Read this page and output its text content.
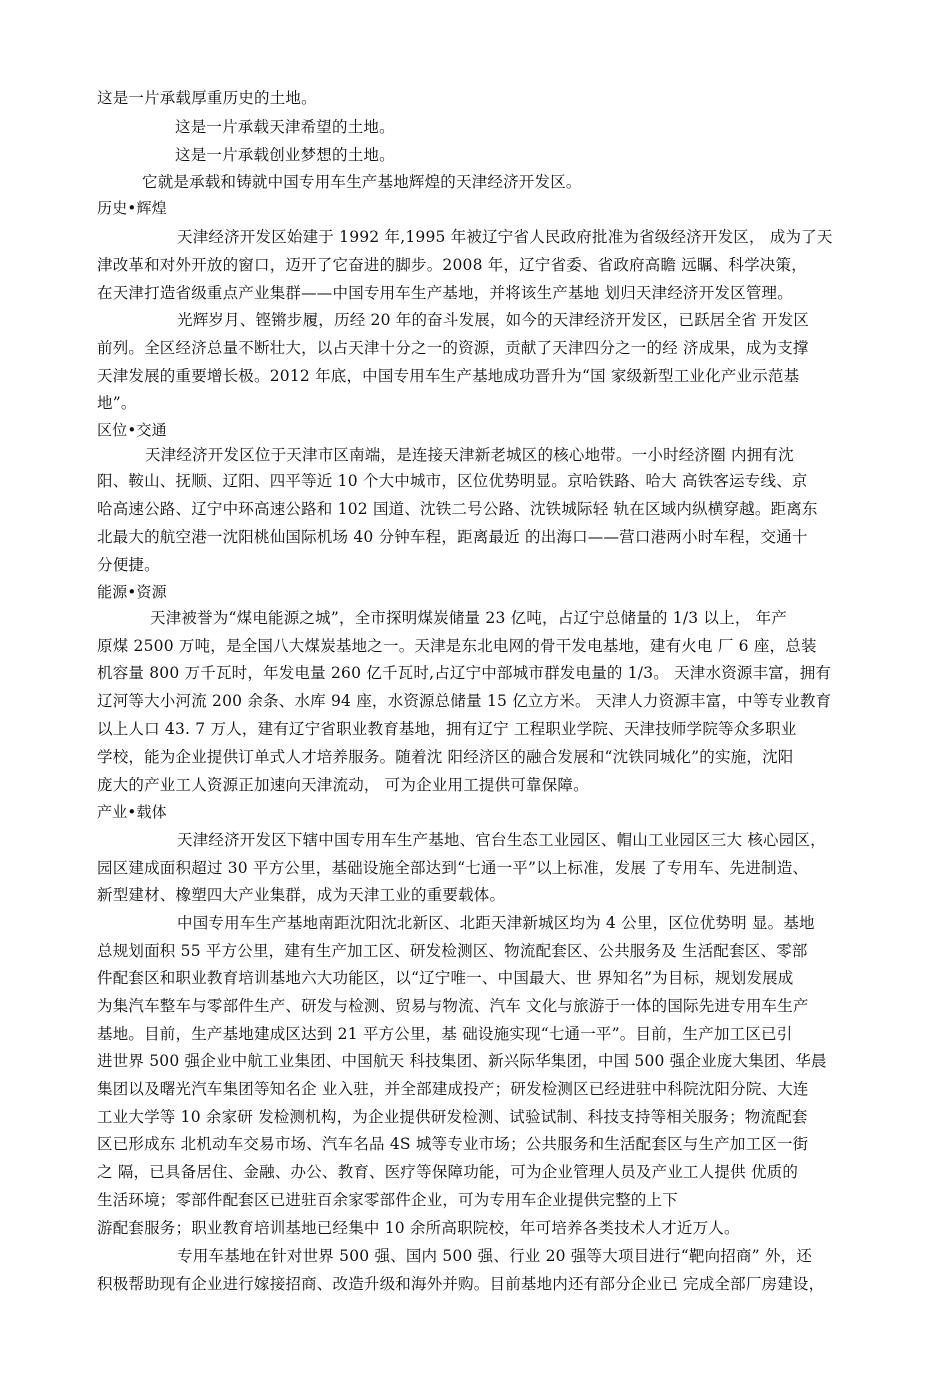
这是一片承载厚重历史的土地。
这是一片承载天津希望的土地。
这是一片承载创业梦想的土地。
它就是承载和铸就中国专用车生产基地辉煌的天津经济开发区。
历史•辉煌
天津经济开发区始建于 1992 年,1995 年被辽宁省人民政府批准为省级经济开发区， 成为了天
津改革和对外开放的窗口，迈开了它奋进的脚步。2008 年，辽宁省委、省政府高瞻 远瞩、科学决策，
在天津打造省级重点产业集群——中国专用车生产基地，并将该生产基地 划归天津经济开发区管理。
光辉岁月、铿锵步履，历经 20 年的奋斗发展，如今的天津经济开发区，已跃居全省 开发区
前列。全区经济总量不断壮大，以占天津十分之一的资源，贡献了天津四分之一的经 济成果，成为支撑
天津发展的重要增长极。2012 年底，中国专用车生产基地成功晋升为“国 家级新型工业化产业示范基
地”。
区位•交通
天津经济开发区位于天津市区南端，是连接天津新老城区的核心地带。一小时经济圈 内拥有沈
阳、鞍山、抚顺、辽阳、四平等近 10 个大中城市，区位优势明显。京哈铁路、哈大 高铁客运专线、京
哈高速公路、辽宁中环高速公路和 102 国道、沈铁二号公路、沈铁城际轻 轨在区域内纵横穿越。距离东
北最大的航空港一沈阳桃仙国际机场 40 分钟车程，距离最近 的出海口——营口港两小时车程，交通十
分便捷。
能源•资源
天津被誉为“煤电能源之城”，全市探明煤炭储量 23 亿吨，占辽宁总储量的 1/3 以上， 年产
原煤 2500 万吨，是全国八大煤炭基地之一。天津是东北电网的骨干发电基地，建有火电 厂 6 座，总装
机容量 800 万千瓦时，年发电量 260 亿千瓦时,占辽宁中部城市群发电量的 1/3。 天津水资源丰富，拥有
辽河等大小河流 200 余条、水库 94 座，水资源总储量 15 亿立方米。 天津人力资源丰富，中等专业教育
以上人口 43. 7 万人，建有辽宁省职业教育基地，拥有辽宁 工程职业学院、天津技师学院等众多职业
学校，能为企业提供订单式人才培养服务。随着沈 阳经济区的融合发展和“沈铁同城化”的实施，沈阳
庞大的产业工人资源正加速向天津流动， 可为企业用工提供可靠保障。
产业•载体
天津经济开发区下辖中国专用车生产基地、官台生态工业园区、帽山工业园区三大 核心园区，
园区建成面积超过 30 平方公里，基础设施全部达到“七通一平”以上标准，发展 了专用车、先进制造、
新型建材、橡塑四大产业集群，成为天津工业的重要载体。
中国专用车生产基地南距沈阳沈北新区、北距天津新城区均为 4 公里，区位优势明 显。基地
总规划面积 55 平方公里，建有生产加工区、研发检测区、物流配套区、公共服务及 生活配套区、零部
件配套区和职业教育培训基地六大功能区，以“辽宁唯一、中国最大、世 界知名”为目标，规划发展成
为集汽车整车与零部件生产、研发与检测、贸易与物流、汽车 文化与旅游于一体的国际先进专用车生产
基地。目前，生产基地建成区达到 21 平方公里，基 础设施实现“七通一平”。目前，生产加工区已引
进世界 500 强企业中航工业集团、中国航天 科技集团、新兴际华集团，中国 500 强企业庞大集团、华晨
集团以及曙光汽车集团等知名企 业入驻，并全部建成投产；研发检测区已经进驻中科院沈阳分院、大连
工业大学等 10 余家研 发检测机构，为企业提供研发检测、试验试制、科技支持等相关服务；物流配套
区已形成东 北机动车交易市场、汽车名品 4S 城等专业市场；公共服务和生活配套区与生产加工区一街
之 隔，已具备居住、金融、办公、教育、医疗等保障功能，可为企业管理人员及产业工人提供 优质的
生活环境；零部件配套区已进驻百余家零部件企业，可为专用车企业提供完整的上下
游配套服务；职业教育培训基地已经集中 10 余所高职院校，年可培养各类技术人才近万人。
专用车基地在针对世界 500 强、国内 500 强、行业 20 强等大项目进行“靶向招商” 外，还
积极帮助现有企业进行嫁接招商、改造升级和海外并购。目前基地内还有部分企业已 完成全部厂房建设，
